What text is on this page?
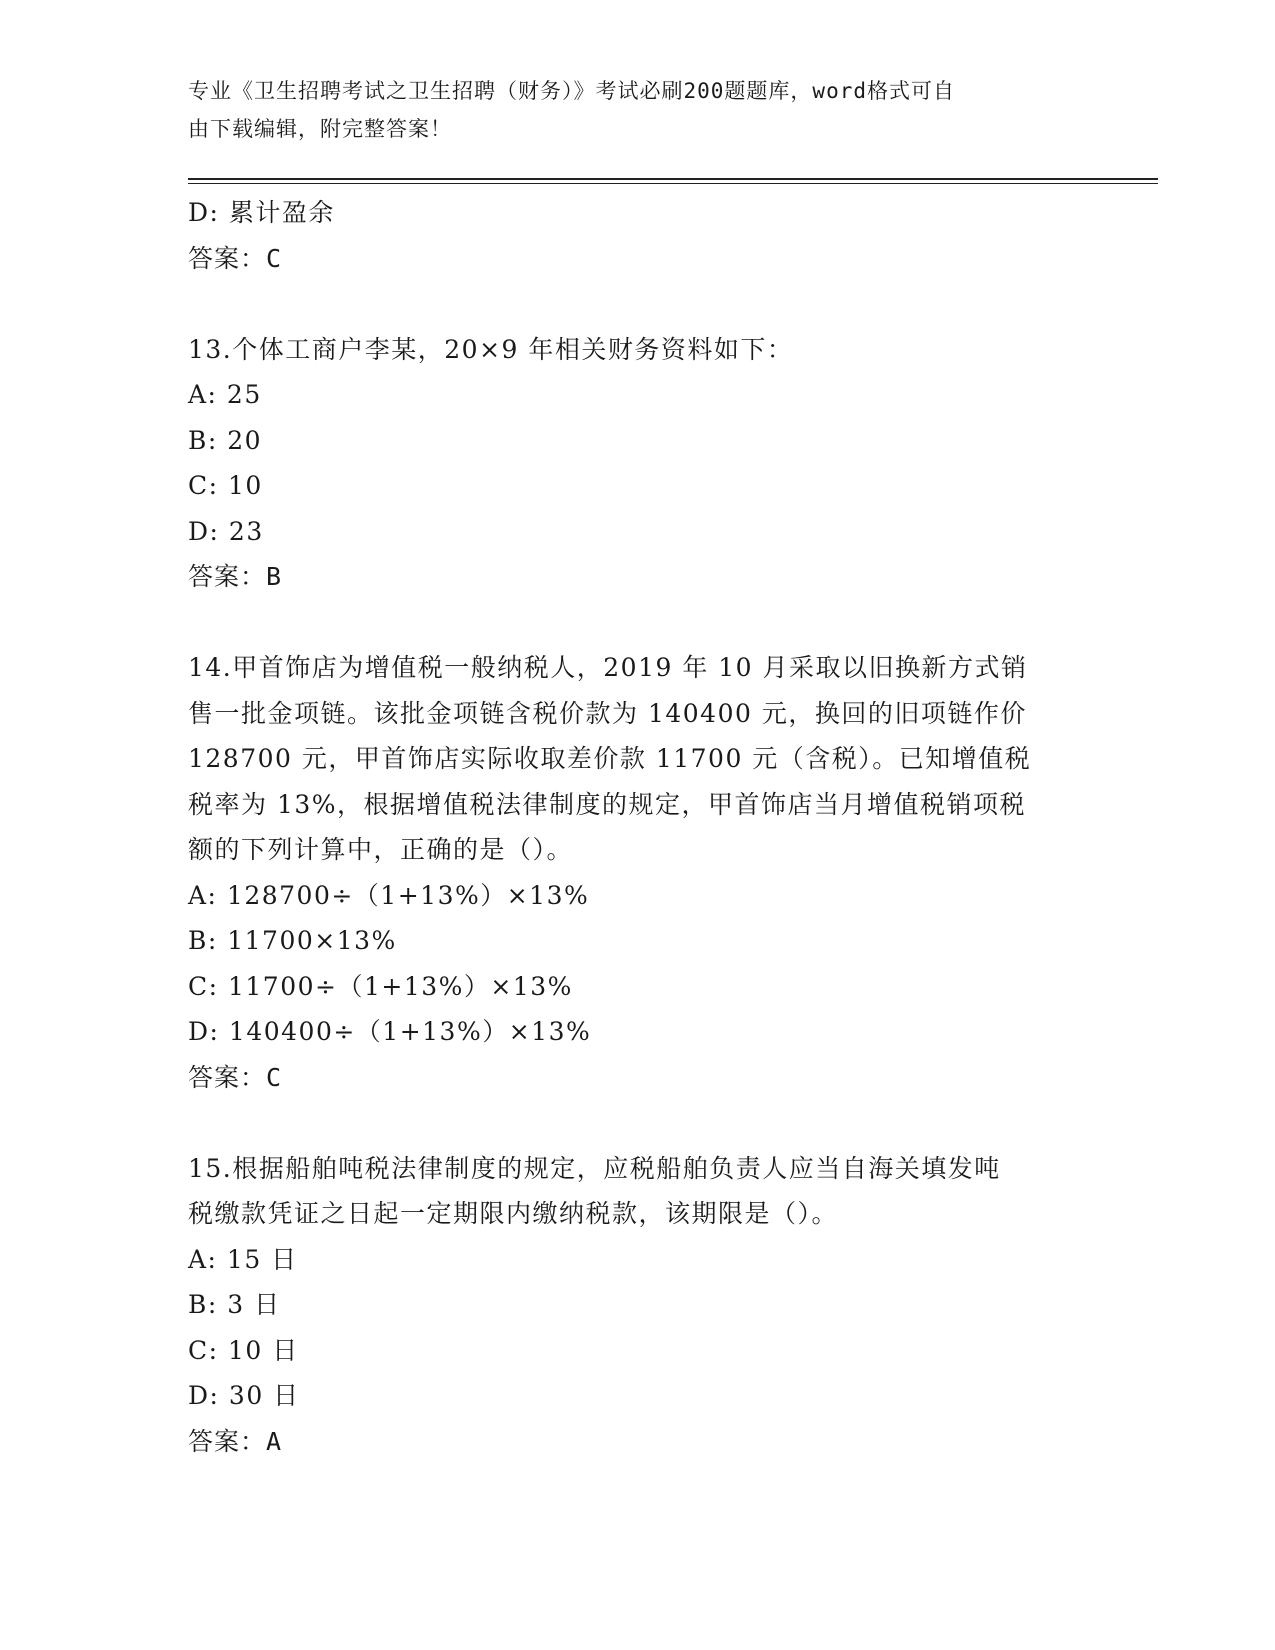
专业《卫生招聘考试之卫生招聘（财务）》考试必刷200题题库，word格式可自
由下载编辑，附完整答案！
D: 累计盈余
答案：C
13.个体工商户李某，20×9 年相关财务资料如下：
A: 25
B: 20
C: 10
D: 23
答案：B
14.甲首饰店为增值税一般纳税人，2019 年 10 月采取以旧换新方式销
售一批金项链。该批金项链含税价款为 140400 元，换回的旧项链作价
128700 元，甲首饰店实际收取差价款 11700 元（含税）。已知增值税
税率为 13%，根据增值税法律制度的规定，甲首饰店当月增值税销项税
额的下列计算中，正确的是（）。
A: 128700÷（1+13%）×13%
B: 11700×13%
C: 11700÷（1+13%）×13%
D: 140400÷（1+13%）×13%
答案：C
15.根据船舶吨税法律制度的规定，应税船舶负责人应当自海关填发吨
税缴款凭证之日起一定期限内缴纳税款，该期限是（）。
A: 15 日
B: 3 日
C: 10 日
D: 30 日
答案：A
